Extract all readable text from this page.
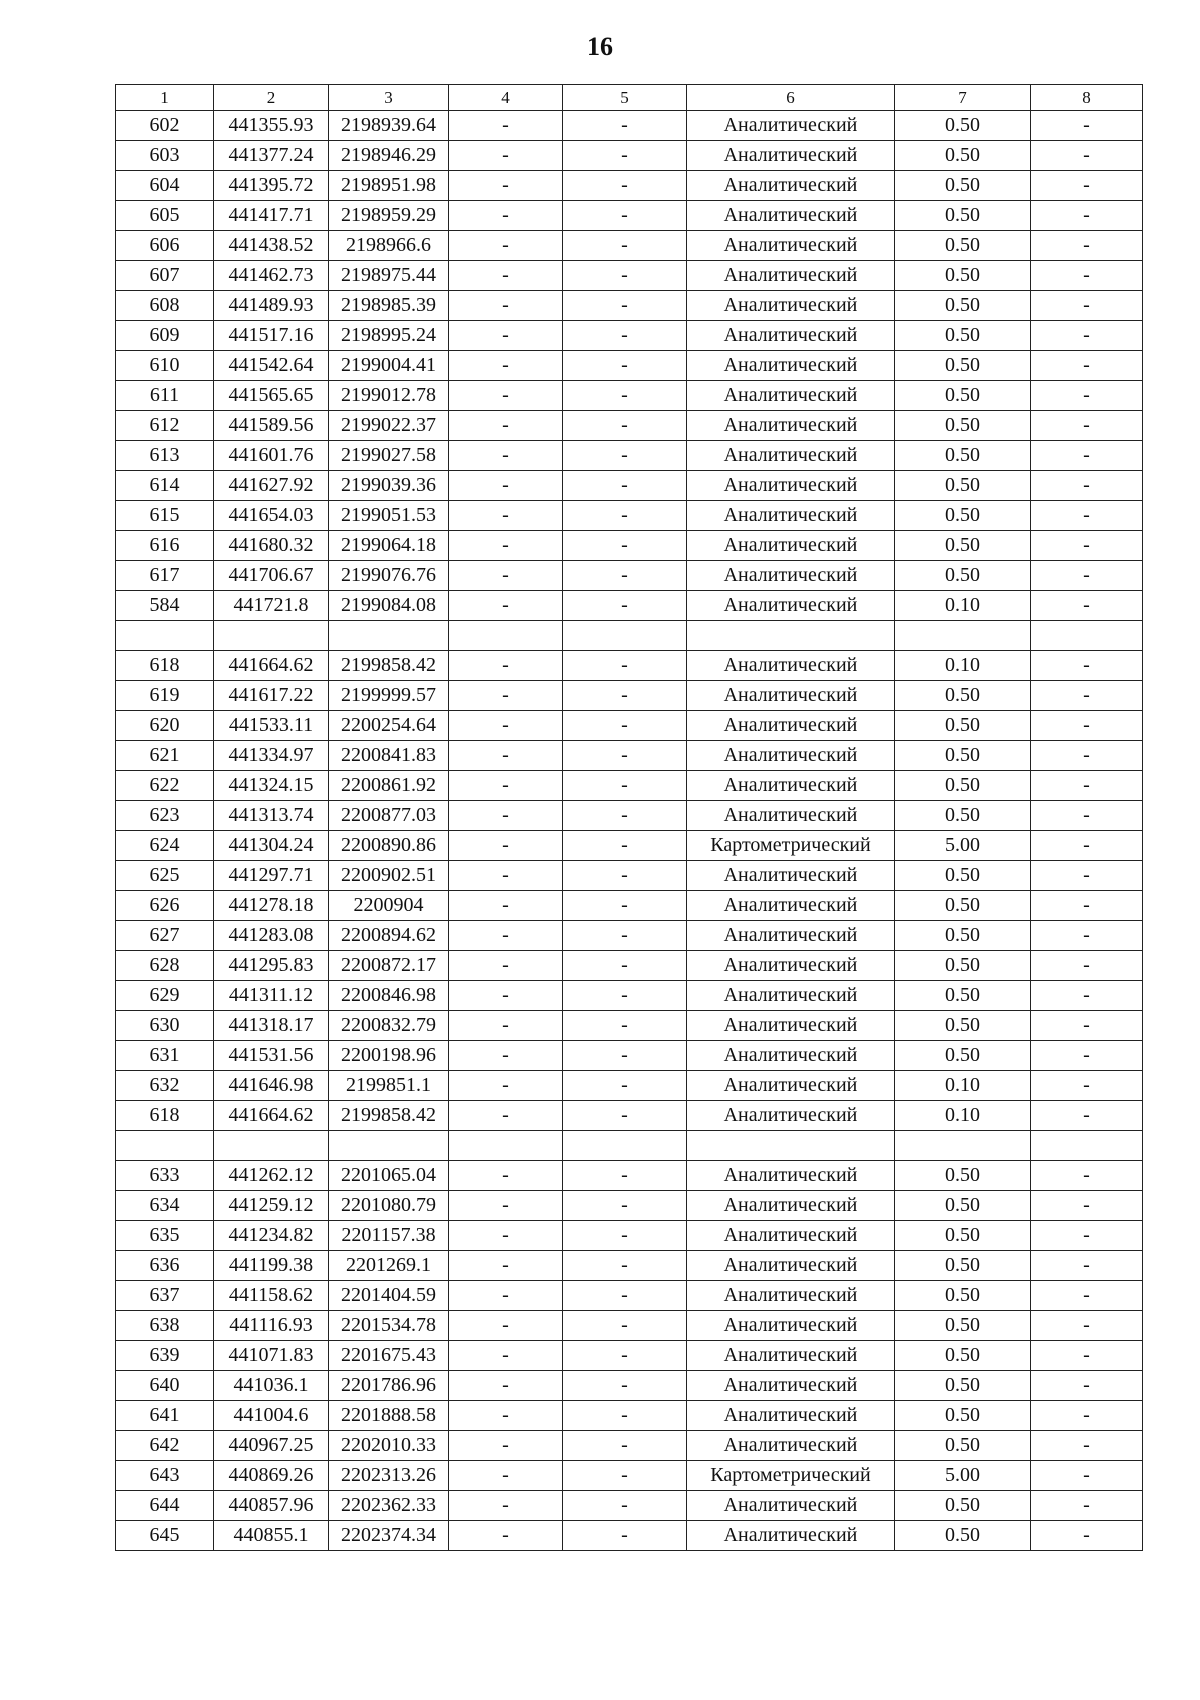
16
1	2	3	4	5	6	7	8
602	441355.93	2198939.64	-	-	Аналитический	0.50	-
603	441377.24	2198946.29	-	-	Аналитический	0.50	-
604	441395.72	2198951.98	-	-	Аналитический	0.50	-
605	441417.71	2198959.29	-	-	Аналитический	0.50	-
606	441438.52	2198966.6	-	-	Аналитический	0.50	-
607	441462.73	2198975.44	-	-	Аналитический	0.50	-
608	441489.93	2198985.39	-	-	Аналитический	0.50	-
609	441517.16	2198995.24	-	-	Аналитический	0.50	-
610	441542.64	2199004.41	-	-	Аналитический	0.50	-
611	441565.65	2199012.78	-	-	Аналитический	0.50	-
612	441589.56	2199022.37	-	-	Аналитический	0.50	-
613	441601.76	2199027.58	-	-	Аналитический	0.50	-
614	441627.92	2199039.36	-	-	Аналитический	0.50	-
615	441654.03	2199051.53	-	-	Аналитический	0.50	-
616	441680.32	2199064.18	-	-	Аналитический	0.50	-
617	441706.67	2199076.76	-	-	Аналитический	0.50	-
584	441721.8	2199084.08	-	-	Аналитический	0.10	-

618	441664.62	2199858.42	-	-	Аналитический	0.10	-
619	441617.22	2199999.57	-	-	Аналитический	0.50	-
620	441533.11	2200254.64	-	-	Аналитический	0.50	-
621	441334.97	2200841.83	-	-	Аналитический	0.50	-
622	441324.15	2200861.92	-	-	Аналитический	0.50	-
623	441313.74	2200877.03	-	-	Аналитический	0.50	-
624	441304.24	2200890.86	-	-	Картометрический	5.00	-
625	441297.71	2200902.51	-	-	Аналитический	0.50	-
626	441278.18	2200904	-	-	Аналитический	0.50	-
627	441283.08	2200894.62	-	-	Аналитический	0.50	-
628	441295.83	2200872.17	-	-	Аналитический	0.50	-
629	441311.12	2200846.98	-	-	Аналитический	0.50	-
630	441318.17	2200832.79	-	-	Аналитический	0.50	-
631	441531.56	2200198.96	-	-	Аналитический	0.50	-
632	441646.98	2199851.1	-	-	Аналитический	0.10	-
618	441664.62	2199858.42	-	-	Аналитический	0.10	-

633	441262.12	2201065.04	-	-	Аналитический	0.50	-
634	441259.12	2201080.79	-	-	Аналитический	0.50	-
635	441234.82	2201157.38	-	-	Аналитический	0.50	-
636	441199.38	2201269.1	-	-	Аналитический	0.50	-
637	441158.62	2201404.59	-	-	Аналитический	0.50	-
638	441116.93	2201534.78	-	-	Аналитический	0.50	-
639	441071.83	2201675.43	-	-	Аналитический	0.50	-
640	441036.1	2201786.96	-	-	Аналитический	0.50	-
641	441004.6	2201888.58	-	-	Аналитический	0.50	-
642	440967.25	2202010.33	-	-	Аналитический	0.50	-
643	440869.26	2202313.26	-	-	Картометрический	5.00	-
644	440857.96	2202362.33	-	-	Аналитический	0.50	-
645	440855.1	2202374.34	-	-	Аналитический	0.50	-
